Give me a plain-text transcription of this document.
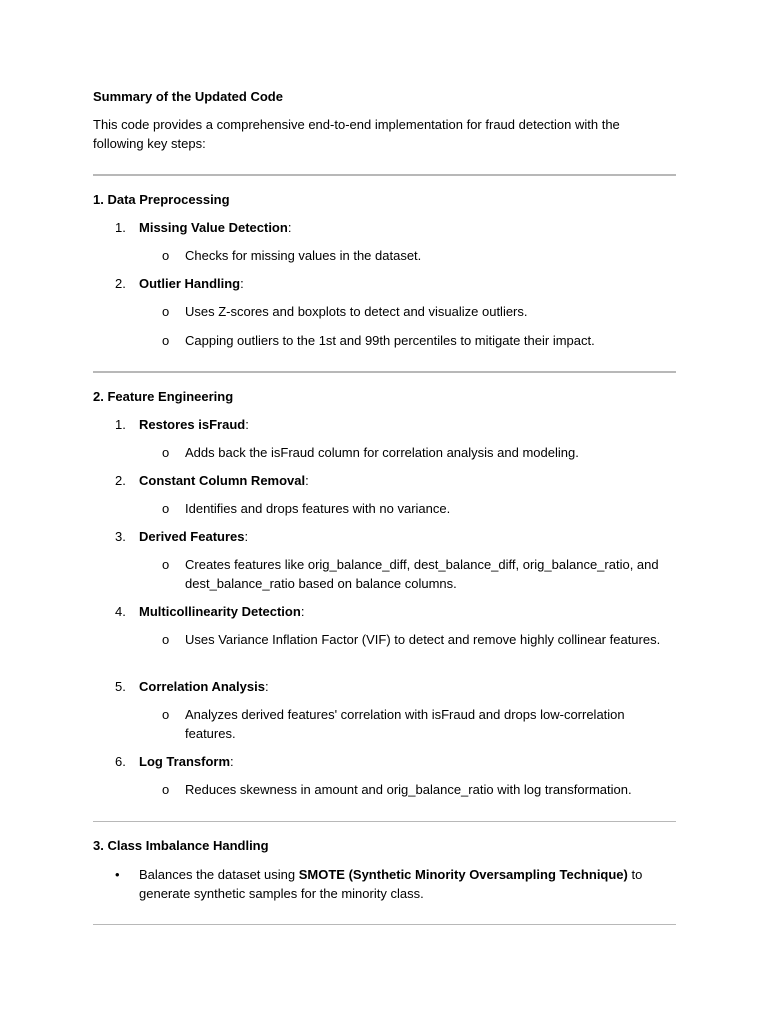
Summary of the Updated Code
This code provides a comprehensive end-to-end implementation for fraud detection with the following key steps:
1. Data Preprocessing
1.	Missing Value Detection:
o Checks for missing values in the dataset.
2.	Outlier Handling:
o Uses Z-scores and boxplots to detect and visualize outliers.
o Capping outliers to the 1st and 99th percentiles to mitigate their impact.
2. Feature Engineering
1.	Restores isFraud:
o Adds back the isFraud column for correlation analysis and modeling.
2.	Constant Column Removal:
o Identifies and drops features with no variance.
3.	Derived Features:
o Creates features like orig_balance_diff, dest_balance_diff, orig_balance_ratio, and dest_balance_ratio based on balance columns.
4.	Multicollinearity Detection:
o Uses Variance Inflation Factor (VIF) to detect and remove highly collinear features.
5.	Correlation Analysis:
o Analyzes derived features' correlation with isFraud and drops low-correlation features.
6.	Log Transform:
o Reduces skewness in amount and orig_balance_ratio with log transformation.
3. Class Imbalance Handling
• Balances the dataset using SMOTE (Synthetic Minority Oversampling Technique) to generate synthetic samples for the minority class.
